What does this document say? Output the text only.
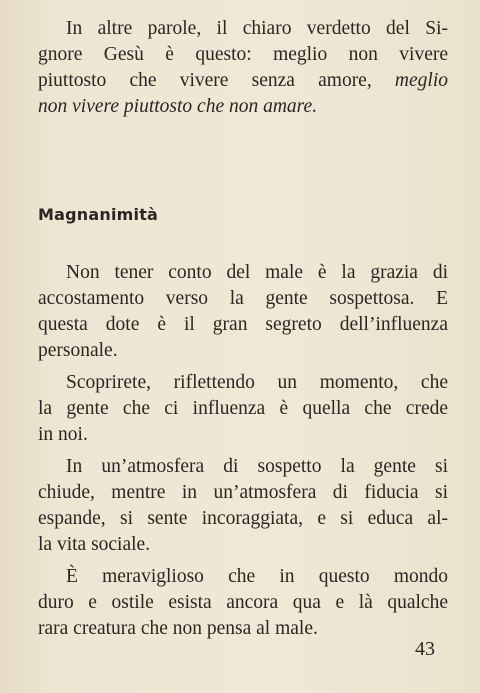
In altre parole, il chiaro verdetto del Si-
gnore Gesù è questo: meglio non vivere
piuttosto che vivere senza amore, meglio
non vivere piuttosto che non amare.
Magnanimità
Non tener conto del male è la grazia di
accostamento verso la gente sospettosa. E
questa dote è il gran segreto dell’influenza
personale.
Scoprirete, riflettendo un momento, che
la gente che ci influenza è quella che crede
in noi.
In un’atmosfera di sospetto la gente si
chiude, mentre in un’atmosfera di fiducia si
espande, si sente incoraggiata, e si educa al-
la vita sociale.
È meraviglioso che in questo mondo
duro e ostile esista ancora qua e là qualche
rara creatura che non pensa al male.
43
